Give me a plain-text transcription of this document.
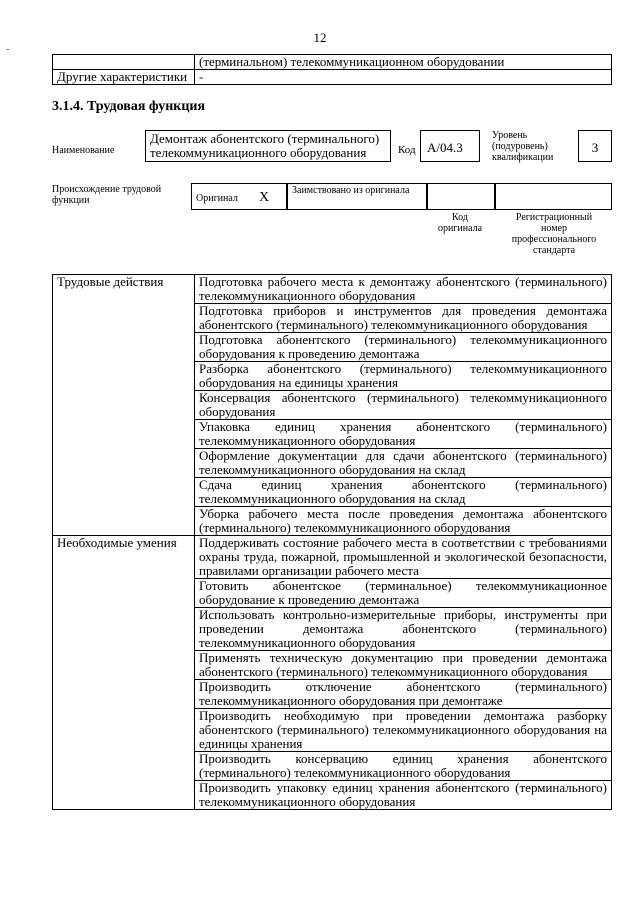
12
-
	(терминальном) телекоммуникационном оборудовании
Другие характеристики	-
3.1.4. Трудовая функция
Наименование
Демонтаж абонентского (терминального) телекоммуникационного оборудования	Код А/04.3
Уровень (подуровень) квалификации
3
Происхождение трудовой функции	Оригинал X Заимствовано из оригинала
Код оригинала
Регистрационный номер профессионального стандарта
Трудовые действия	Подготовка рабочего места к демонтажу абонентского (терминального) телекоммуникационного оборудования
	Подготовка приборов и инструментов для проведения демонтажа абонентского (терминального) телекоммуникационного оборудования
	Подготовка абонентского (терминального) телекоммуникационного оборудования к проведению демонтажа
	Разборка абонентского (терминального) телекоммуникационного оборудования на единицы хранения
	Консервация абонентского (терминального) телекоммуникационного оборудования
	Упаковка единиц хранения абонентского (терминального) телекоммуникационного оборудования
	Оформление документации для сдачи абонентского (терминального) телекоммуникационного оборудования на склад
	Сдача единиц хранения абонентского (терминального) телекоммуникационного оборудования на склад
	Уборка рабочего места после проведения демонтажа абонентского (терминального) телекоммуникационного оборудования
Необходимые умения	Поддерживать состояние рабочего места в соответствии с требованиями охраны труда, пожарной, промышленной и экологической безопасности, правилами организации рабочего места
	Готовить абонентское (терминальное) телекоммуникационное оборудование к проведению демонтажа
	Использовать контрольно-измерительные приборы, инструменты при проведении демонтажа абонентского (терминального) телекоммуникационного оборудования
	Применять техническую документацию при проведении демонтажа абонентского (терминального) телекоммуникационного оборудования
	Производить отключение абонентского (терминального) телекоммуникационного оборудования при демонтаже
	Производить необходимую при проведении демонтажа разборку абонентского (терминального) телекоммуникационного оборудования на единицы хранения
	Производить консервацию единиц хранения абонентского (терминального) телекоммуникационного оборудования
	Производить упаковку единиц хранения абонентского (терминального) телекоммуникационного оборудования
